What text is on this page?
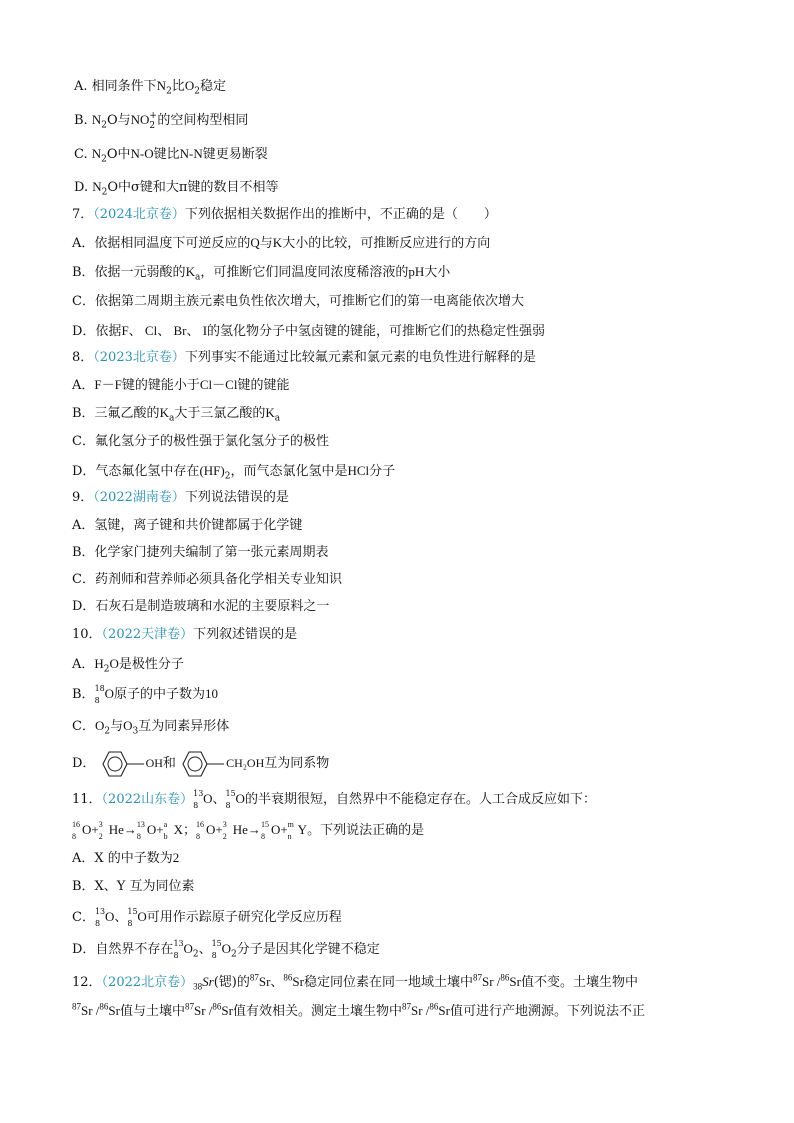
A. 相同条件下$N_2$比$O_2$稳定
B. $N_2O$与NO +
2 的空间构型相同
C. $N_2O$中N-O键比N-N键更易断裂
D. $N_2O$中σ键和大π键的数目不相等
7．（2024北京卷）下列依据相关数据作出的推断中，不正确的是（　　）
A．依据相同温度下可逆反应的Q与K大小的比较，可推断反应进行的方向
B．依据一元弱酸的$K_a$，可推断它们同温度同浓度稀溶液的pH大小
C．依据第二周期主族元素电负性依次增大，可推断它们的第一电离能依次增大
D．依据F、 Cl、 Br、 I的氢化物分子中氢卤键的键能，可推断它们的热稳定性强弱
8．（2023北京卷）下列事实不能通过比较氟元素和氯元素的电负性进行解释的是
A．F－F键的键能小于Cl－Cl键的键能
B．三氟乙酸的$K_a$大于三氯乙酸的$K_a$
C．氟化氢分子的极性强于氯化氢分子的极性
D．气态氟化氢中存在$(HF)_2$，而气态氯化氢中是HCl分子
9．（2022湖南卷）下列说法错误的是
A．氢键，离子键和共价键都属于化学键
B．化学家门捷列夫编制了第一张元素周期表
C．药剂师和营养师必须具备化学相关专业知识
D．石灰石是制造玻璃和水泥的主要原料之一
10．（2022天津卷）下列叙述错误的是
A．$H_2O$是极性分子
B． 18
8 O原子的中子数为10
C．$O_2$与$O_3$互为同素异形体
D．	OH和	CH₂OH互为同系物
11．（2022山东卷） 13
8 O、 15
8 O的半衰期很短，自然界中不能稳定存在。人工合成反应如下：
16
8 O+ 3
2 He→ 13
8 O+ a
b X； 16
8 O+ 3
2 He→ 15
8 O+ m
n Y。下列说法正确的是
A．X 的中子数为2
B．X、Y 互为同位素
C． 13
8 O、 15
8 O可用作示踪原子研究化学反应历程
D．自然界不存在 13
8 $O_2$、 15
8 $O_2$分子是因其化学键不稳定
12．（2022北京卷）$_{38}Sr$(锶)的$^{87}$Sr、$^{86}$Sr稳定同位素在同一地域土壤中$^{87}$Sr /$^{86}$Sr值不变。土壤生物中
$^{87}$Sr /$^{86}$Sr值与土壤中$^{87}$Sr /$^{86}$Sr值有效相关。测定土壤生物中$^{87}$Sr /$^{86}$Sr值可进行产地溯源。下列说法不正
